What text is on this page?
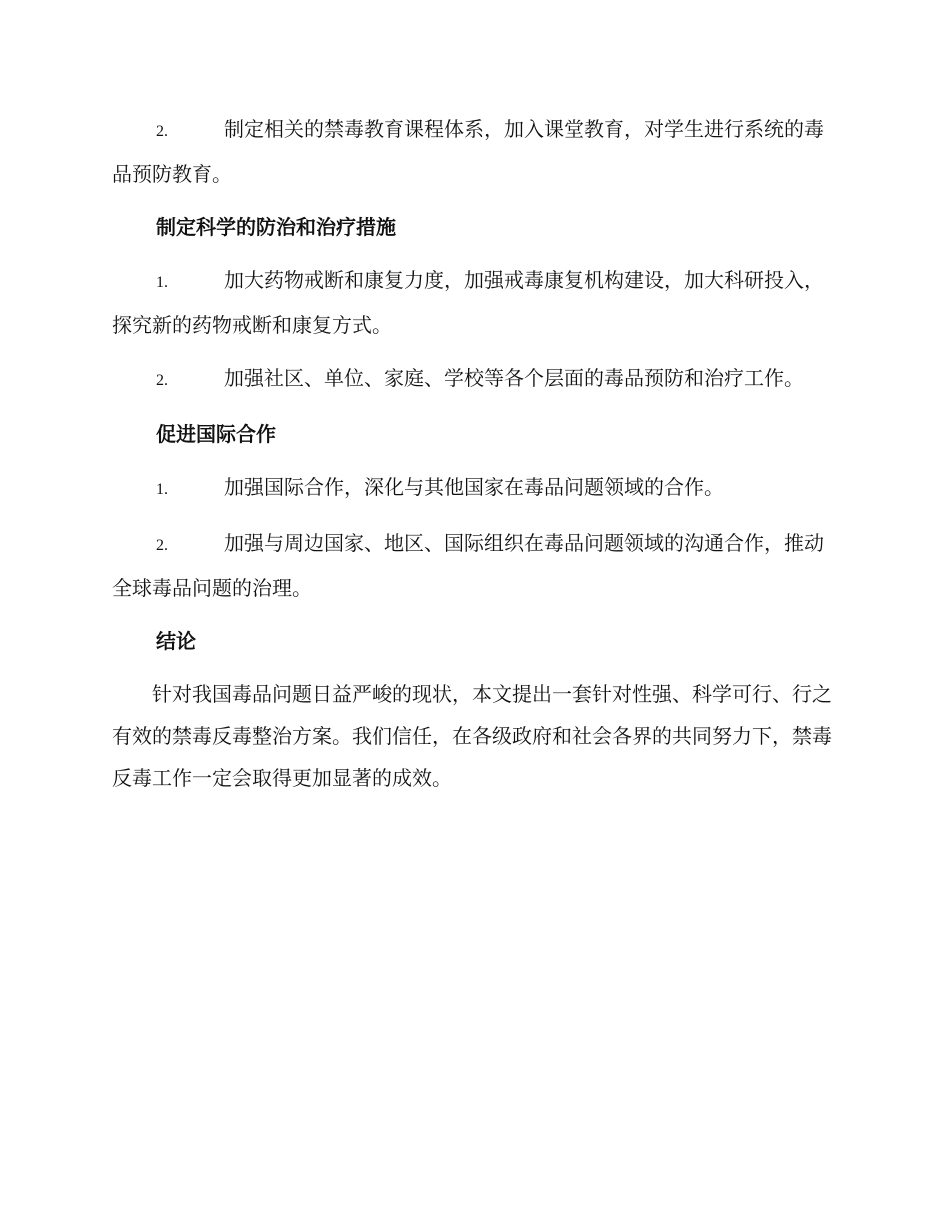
2.	制定相关的禁毒教育课程体系，加入课堂教育，对学生进行系统的毒品预防教育。

制定科学的防治和治疗措施

1.	加大药物戒断和康复力度，加强戒毒康复机构建设，加大科研投入，探究新的药物戒断和康复方式。

2.	加强社区、单位、家庭、学校等各个层面的毒品预防和治疗工作。

促进国际合作

1.	加强国际合作，深化与其他国家在毒品问题领域的合作。

2.	加强与周边国家、地区、国际组织在毒品问题领域的沟通合作，推动全球毒品问题的治理。

结论

针对我国毒品问题日益严峻的现状，本文提出一套针对性强、科学可行、行之有效的禁毒反毒整治方案。我们信任，在各级政府和社会各界的共同努力下，禁毒反毒工作一定会取得更加显著的成效。
